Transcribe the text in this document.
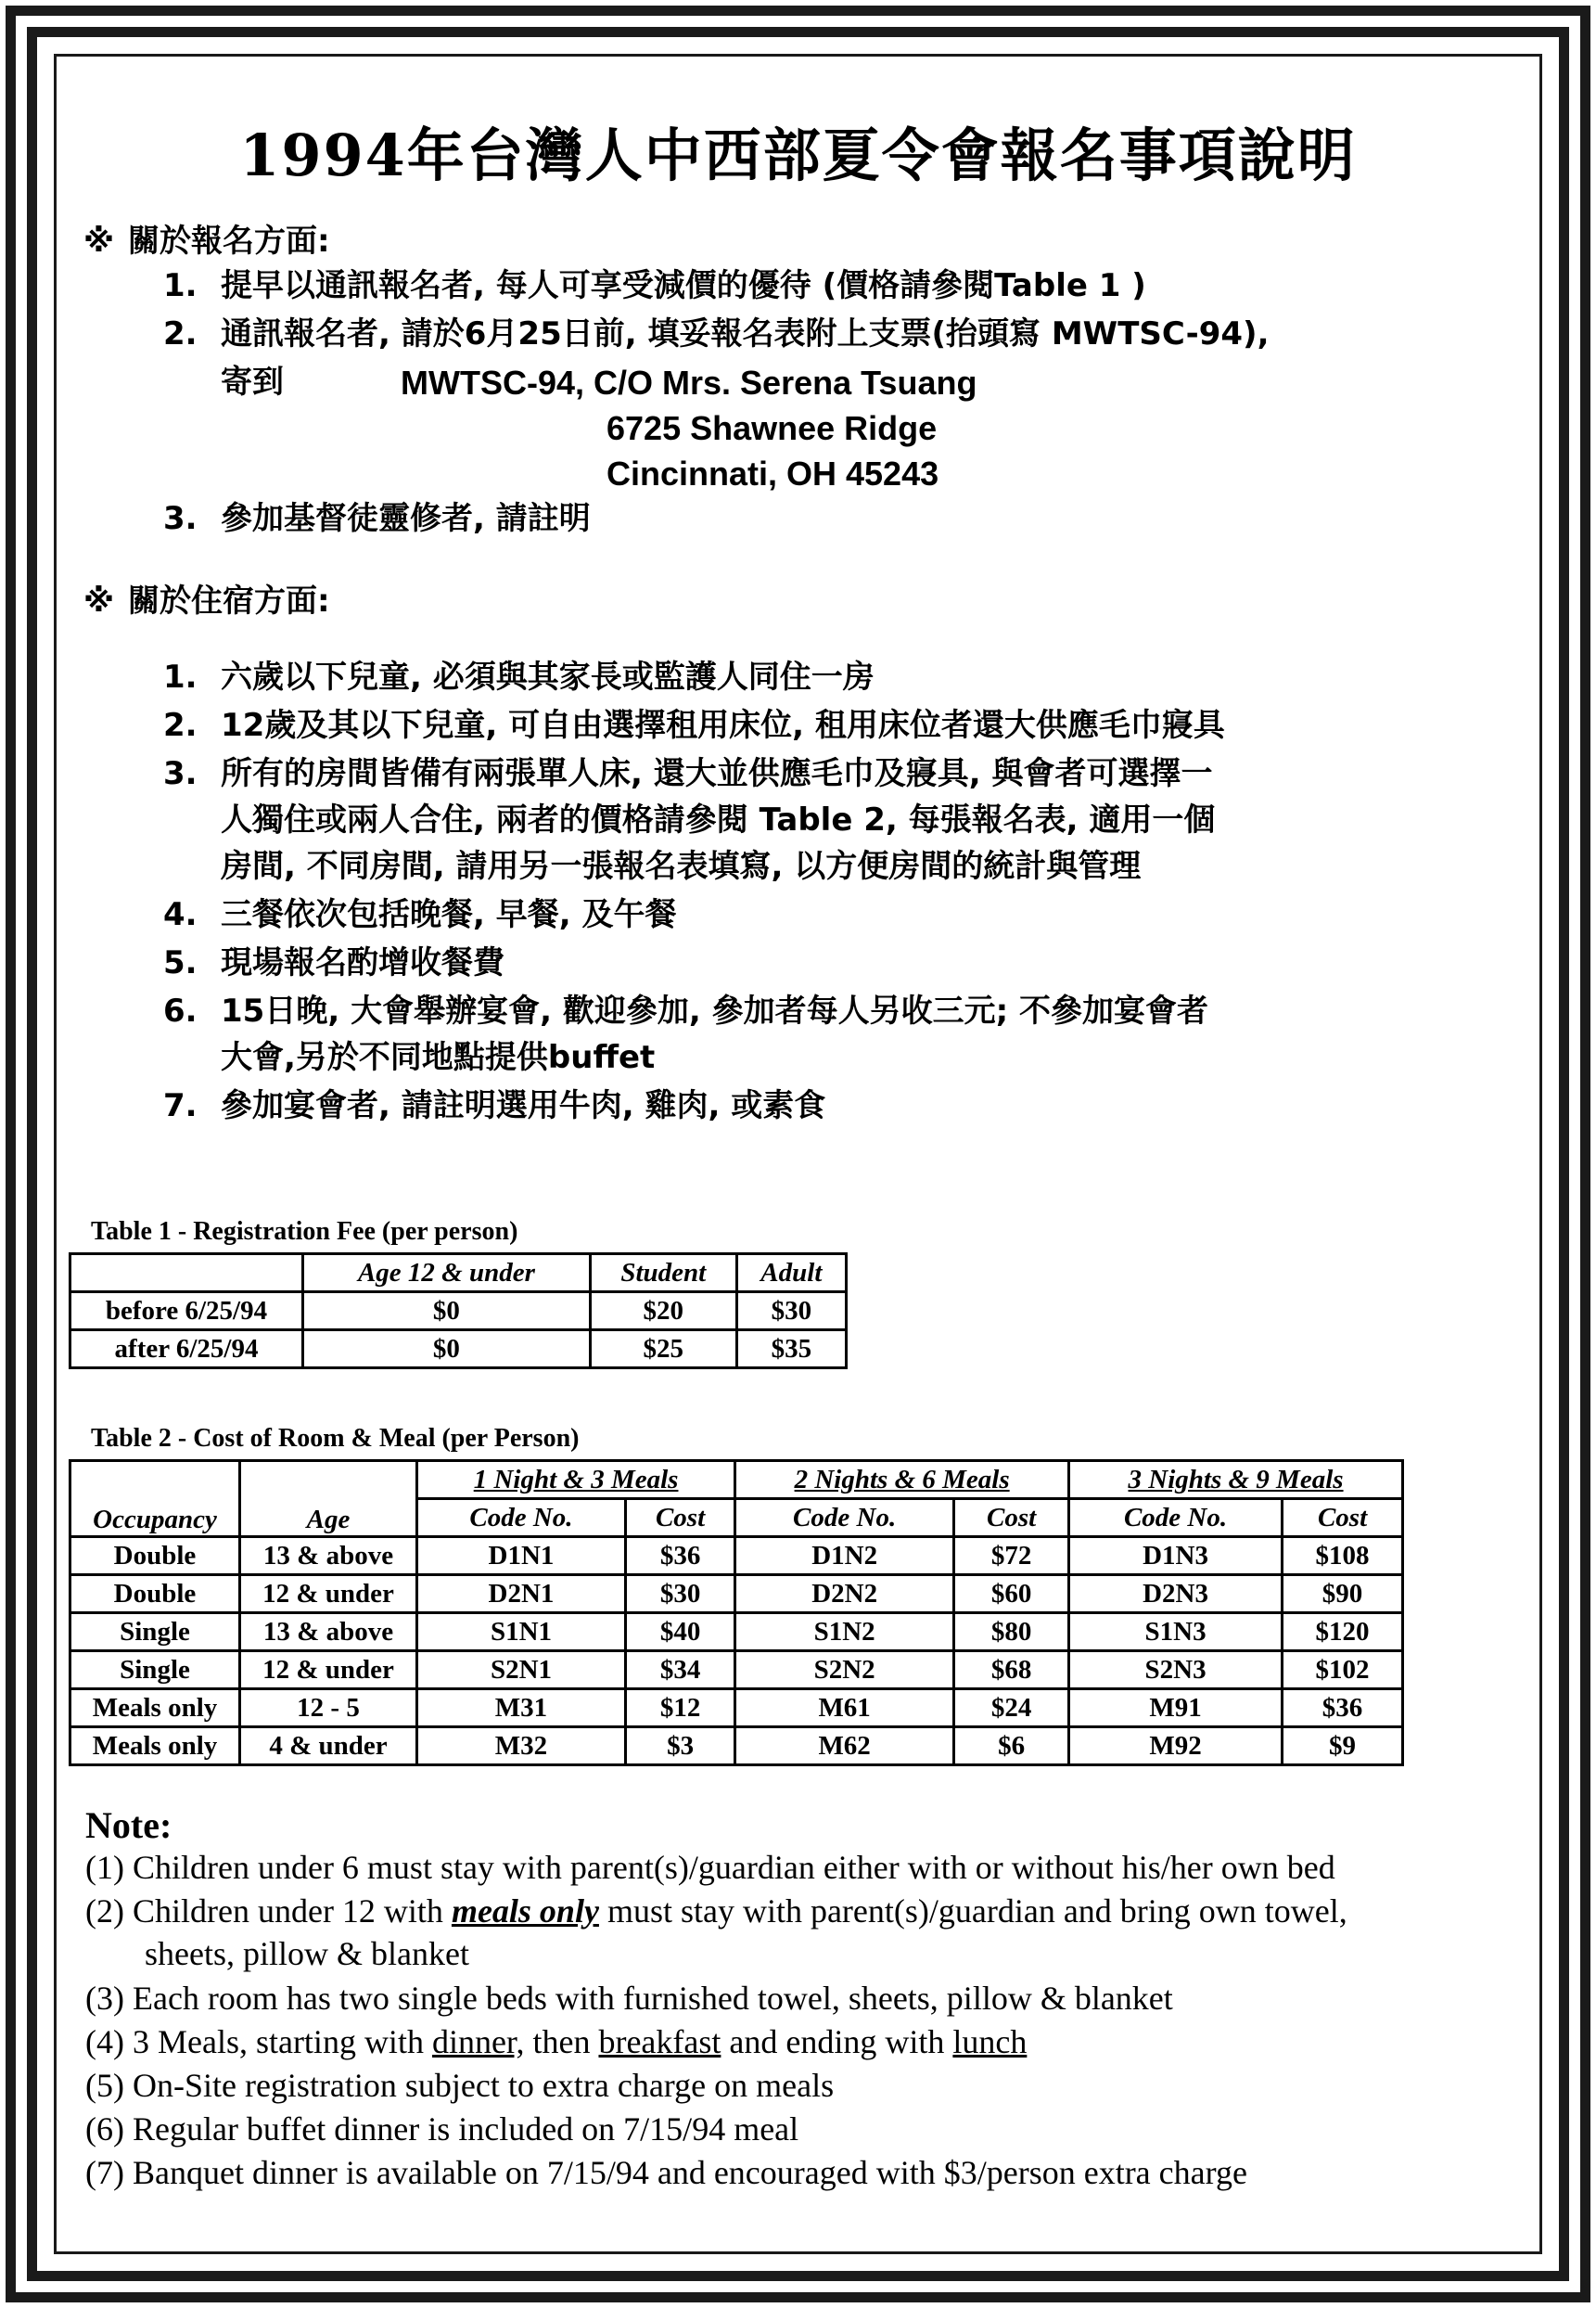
1994年台灣人中西部夏令會報名事項說明
※ 關於報名方面:
1. 提早以通訊報名者, 每人可享受減價的優待 (價格請參閱Table 1 )
2. 通訊報名者, 請於6月25日前, 填妥報名表附上支票(抬頭寫 MWTSC-94),
寄到	MWTSC-94, C/O Mrs. Serena Tsuang
6725 Shawnee Ridge
Cincinnati, OH 45243
3. 參加基督徒靈修者, 請註明
※ 關於住宿方面:
1. 六歲以下兒童, 必須與其家長或監護人同住一房
2. 12歲及其以下兒童, 可自由選擇租用床位, 租用床位者還大供應毛巾寢具
3. 所有的房間皆備有兩張單人床, 還大並供應毛巾及寢具, 與會者可選擇一
人獨住或兩人合住, 兩者的價格請參閱 Table 2, 每張報名表, 適用一個
房間, 不同房間, 請用另一張報名表填寫, 以方便房間的統計與管理
4. 三餐依次包括晚餐, 早餐, 及午餐
5. 現場報名酌增收餐費
6. 15日晚, 大會舉辦宴會, 歡迎參加, 參加者每人另收三元; 不參加宴會者
大會,另於不同地點提供buffet
7. 參加宴會者, 請註明選用牛肉, 雞肉, 或素食
Table 1 - Registration Fee (per person)
	Age 12 & under	Student	Adult
before 6/25/94	$0	$20	$30
after 6/25/94	$0	$25	$35
Table 2 - Cost of Room & Meal (per Person)
Occupancy	Age	1 Night & 3 Meals		2 Nights & 6 Meals		3 Nights & 9 Meals	
		Code No.	Cost	Code No.	Cost	Code No.	Cost
Double	13 & above	D1N1	$36	D1N2	$72	D1N3	$108
Double	12 & under	D2N1	$30	D2N2	$60	D2N3	$90
Single	13 & above	S1N1	$40	S1N2	$80	S1N3	$120
Single	12 & under	S2N1	$34	S2N2	$68	S2N3	$102
Meals only	12 - 5	M31	$12	M61	$24	M91	$36
Meals only	4 & under	M32	$3	M62	$6	M92	$9
Note:
(1) Children under 6 must stay with parent(s)/guardian either with or without his/her own bed
(2) Children under 12 with meals only must stay with parent(s)/guardian and bring own towel,
sheets, pillow & blanket
(3) Each room has two single beds with furnished towel, sheets, pillow & blanket
(4) 3 Meals, starting with dinner, then breakfast and ending with lunch
(5) On-Site registration subject to extra charge on meals
(6) Regular buffet dinner is included on 7/15/94 meal
(7) Banquet dinner is available on 7/15/94 and encouraged with $3/person extra charge
